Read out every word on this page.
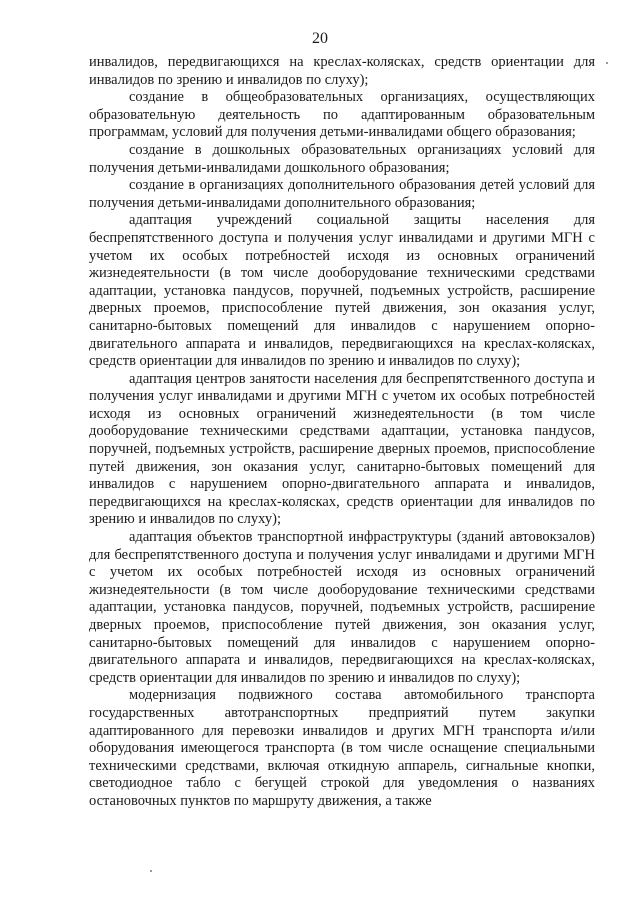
20

инвалидов, передвигающихся на креслах-колясках, средств ориентации для инвалидов по зрению и инвалидов по слуху);

создание в общеобразовательных организациях, осуществляющих образовательную деятельность по адаптированным образовательным программам, условий для получения детьми-инвалидами общего образования;

создание в дошкольных образовательных организациях условий для получения детьми-инвалидами дошкольного образования;

создание в организациях дополнительного образования детей условий для получения детьми-инвалидами дополнительного образования;

адаптация учреждений социальной защиты населения для беспрепятственного доступа и получения услуг инвалидами и другими МГН с учетом их особых потребностей исходя из основных ограничений жизнедеятельности (в том числе дооборудование техническими средствами адаптации, установка пандусов, поручней, подъемных устройств, расширение дверных проемов, приспособление путей движения, зон оказания услуг, санитарно-бытовых помещений для инвалидов с нарушением опорно-двигательного аппарата и инвалидов, передвигающихся на креслах-колясках, средств ориентации для инвалидов по зрению и инвалидов по слуху);

адаптация центров занятости населения для беспрепятственного доступа и получения услуг инвалидами и другими МГН с учетом их особых потребностей исходя из основных ограничений жизнедеятельности (в том числе дооборудование техническими средствами адаптации, установка пандусов, поручней, подъемных устройств, расширение дверных проемов, приспособление путей движения, зон оказания услуг, санитарно-бытовых помещений для инвалидов с нарушением опорно-двигательного аппарата и инвалидов, передвигающихся на креслах-колясках, средств ориентации для инвалидов по зрению и инвалидов по слуху);

адаптация объектов транспортной инфраструктуры (зданий автовокзалов) для беспрепятственного доступа и получения услуг инвалидами и другими МГН с учетом их особых потребностей исходя из основных ограничений жизнедеятельности (в том числе дооборудование техническими средствами адаптации, установка пандусов, поручней, подъемных устройств, расширение дверных проемов, приспособление путей движения, зон оказания услуг, санитарно-бытовых помещений для инвалидов с нарушением опорно-двигательного аппарата и инвалидов, передвигающихся на креслах-колясках, средств ориентации для инвалидов по зрению и инвалидов по слуху);

модернизация подвижного состава автомобильного транспорта государственных автотранспортных предприятий путем закупки адаптированного для перевозки инвалидов и других МГН транспорта и/или оборудования имеющегося транспорта (в том числе оснащение специальными техническими средствами, включая откидную аппарель, сигнальные кнопки, светодиодное табло с бегущей строкой для уведомления о названиях остановочных пунктов по маршруту движения, а также
